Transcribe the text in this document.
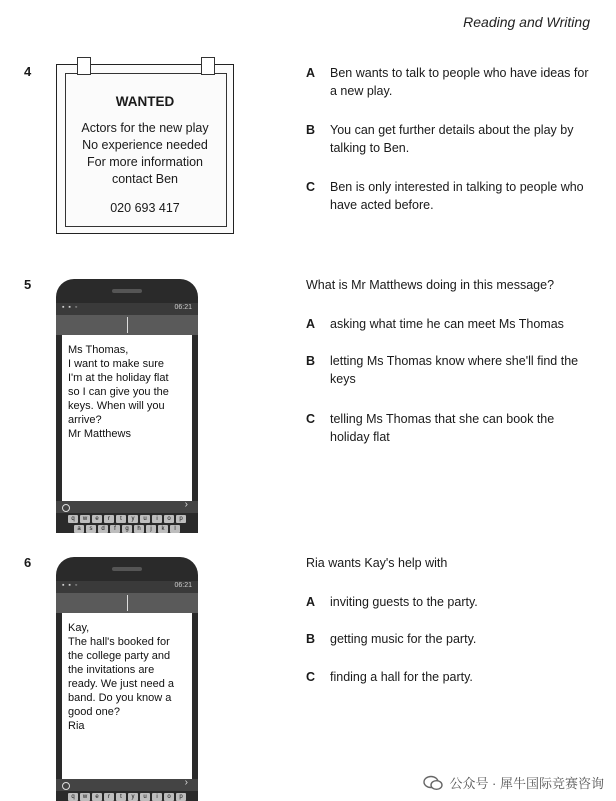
Reading and Writing
4
WANTED
Actors for the new play
No experience needed
For more information
contact Ben
020 693 417
A Ben wants to talk to people who have ideas for a new play.
B You can get further details about the play by talking to Ben.
C Ben is only interested in talking to people who have acted before.
5
▪ ▪ ◦	06:21

Ms Thomas,

I want to make sure

I'm at the holiday flat

so I can give you the

keys. When will you

arrive?

Mr Matthews

›
q	w	e	r	t	y	u	i	o	p
a	s	d	f	g	h	j	k	l
What is Mr Matthews doing in this message?
A asking what time he can meet Ms Thomas
B letting Ms Thomas know where she'll find the keys
C telling Ms Thomas that she can book the holiday flat
6
▪ ▪ ◦	06:21

Kay,

The hall's booked for

the college party and

the invitations are

ready. We just need a

band. Do you know a

good one?

Ria

›
q	w	e	r	t	y	u	i	o	p
Ria wants Kay's help with
A inviting guests to the party.
B getting music for the party.
C finding a hall for the party.
公众号 · 犀牛国际竞赛咨询
